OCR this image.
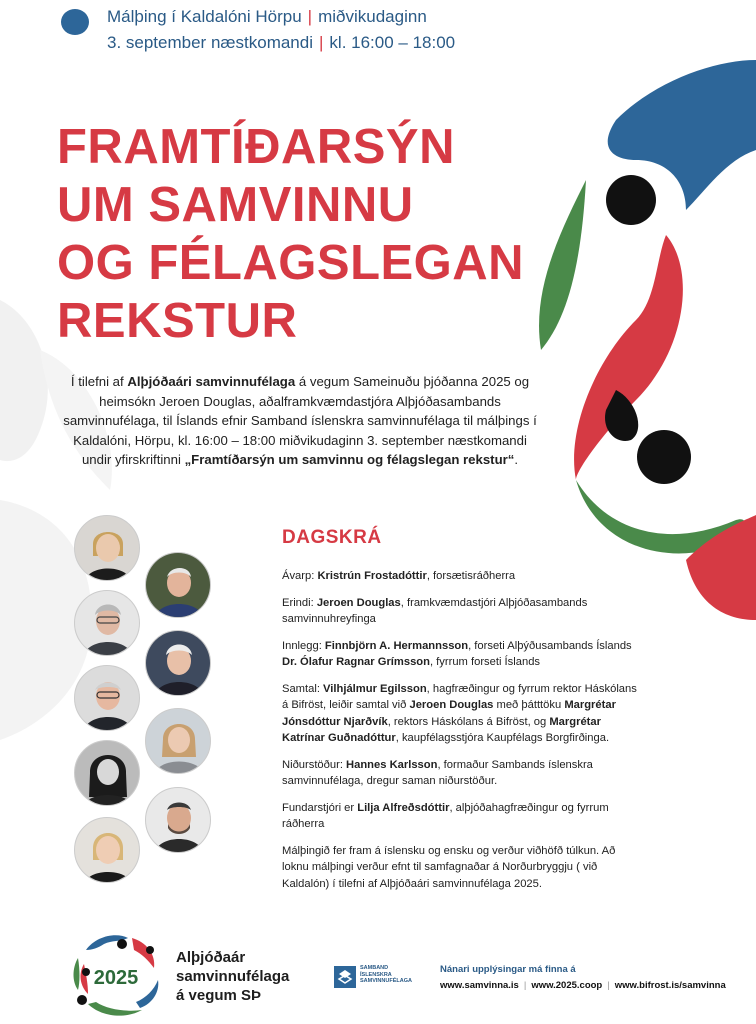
Málþing í Kaldalóni Hörpu | miðvikudaginn
3. september næstkomandi | kl. 16:00 – 18:00
FRAMTÍÐARSÝN
UM SAMVINNU
OG FÉLAGSLEGAN
REKSTUR
Í tilefni af Alþjóðaári samvinnufélaga á vegum Sameinuðu þjóðanna 2025 og heimsókn Jeroen Douglas, aðalframkvæmdastjóra Alþjóðasambands samvinnufélaga, til Íslands efnir Samband íslenskra samvinnufélaga til málþings í Kaldalóni, Hörpu, kl. 16:00 – 18:00 miðvikudaginn 3. september næstkomandi undir yfirskriftinni „Framtíðarsýn um samvinnu og félagslegan rekstur“.
DAGSKRÁ

Ávarp: Kristrún Frostadóttir, forsætisráðherra

Erindi: Jeroen Douglas, framkvæmdastjóri Alþjóðasambands samvinnuhreyfinga

Innlegg: Finnbjörn A. Hermannsson, forseti Alþýðusambands Íslands
Dr. Ólafur Ragnar Grímsson, fyrrum forseti Íslands

Samtal: Vilhjálmur Egilsson, hagfræðingur og fyrrum rektor Háskólans á Bifröst, leiðir samtal við Jeroen Douglas með þátttöku Margrétar Jónsdóttur Njarðvík, rektors Háskólans á Bifröst, og Margrétar Katrínar Guðnadóttur, kaupfélagsstjóra Kaupfélags Borgfirðinga.

Niðurstöður: Hannes Karlsson, formaður Sambands íslenskra samvinnufélaga, dregur saman niðurstöður.

Fundarstjóri er Lilja Alfreðsdóttir, alþjóðahagfræðingur og fyrrum ráðherra

Málþingið fer fram á íslensku og ensku og verður viðhöfð túlkun. Að loknu málþingi verður efnt til samfagnaðar á Norðurbryggju ( við Kaldalón) í tilefni af Alþjóðaári samvinnufélaga 2025.

2025
Alþjóðaár
samvinnufélaga
á vegum SÞ
SAMBAND
ÍSLENSKRA
SAMVINNUFÉLAGA
Nánari upplýsingar má finna á
www.samvinna.is | www.2025.coop | www.bifrost.is/samvinna
